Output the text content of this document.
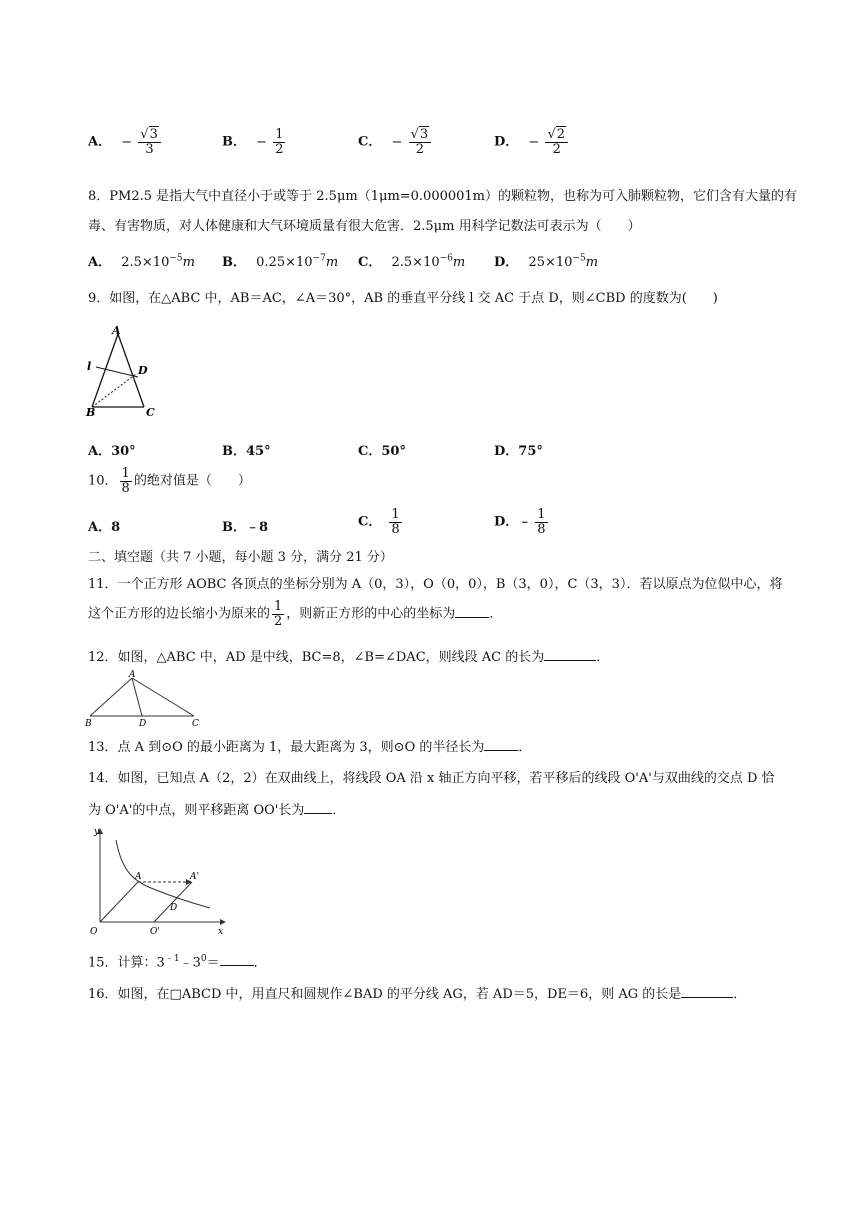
A． − $\frac{√3}{3}$	B． − $\frac{1}{2}$	C． − $\frac{√3}{2}$	D． − $\frac{√2}{2}$
8．PM2.5 是指大气中直径小于或等于 2.5μm（1μm=0.000001m）的颗粒物，也称为可入肺颗粒物，它们含有大量的有
毒、有害物质，对人体健康和大气环境质量有很大危害．2.5μm 用科学记数法可表示为（　　）
A． $2.5\times 10^{-5}m$ B． $0.25\times 10^{-7}m$ C． $2.5\times 10^{-6}m$ D． $25\times 10^{-5}m$
9．如图，在△ABC 中，AB＝AC，∠A＝30°，AB 的垂直平分线 l 交 AC 于点 D，则∠CBD 的度数为(　　)
A
l	D
B	C
A．30°	B．45°	C．50°	D．75°
10． $\frac{1}{8}$ 的绝对值是（　　）
A．8	B．﹣8	C． $\frac{1}{8}$	D．﹣ $\frac{1}{8}$
二、填空题（共 7 小题，每小题 3 分，满分 21 分）
11．一个正方形 AOBC 各顶点的坐标分别为 A（0，3），O（0，0），B（3，0），C（3，3）．若以原点为位似中心，将
这个正方形的边长缩小为原来的 $\frac{1}{2}$ ，则新正方形的中心的坐标为	．
12．如图，△ABC 中，AD 是中线，BC=8，∠B=∠DAC，则线段 AC 的长为	．
A
B	D	C
13．点 A 到⊙O 的最小距离为 1，最大距离为 3，则⊙O 的半径长为	．
14．如图，已知点 A（2，2）在双曲线上，将线段 OA 沿 x 轴正方向平移，若平移后的线段 O'A'与双曲线的交点 D 恰
为 O'A'的中点，则平移距离 OO'长为 ．
y
x
O
A	A'
D
O'
15．计算：$3^{﹣1}﹣3^0=$	．
16．如图，在□ABCD 中，用直尺和圆规作∠BAD 的平分线 AG，若 AD＝5，DE＝6，则 AG 的长是	．
